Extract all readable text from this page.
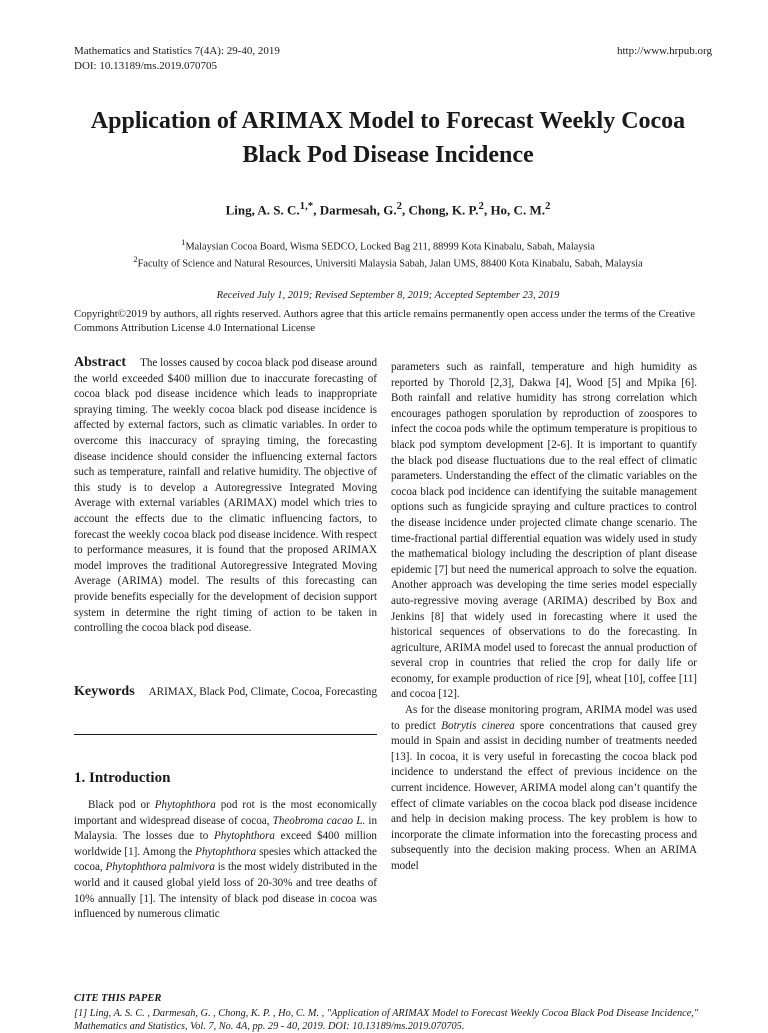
Mathematics and Statistics 7(4A): 29-40, 2019
DOI: 10.13189/ms.2019.070705
http://www.hrpub.org
Application of ARIMAX Model to Forecast Weekly Cocoa
Black Pod Disease Incidence
Ling, A. S. C.$^{1,*}$, Darmesah, G.$^2$, Chong, K. P.$^2$, Ho, C. M.$^2$
$^1$Malaysian Cocoa Board, Wisma SEDCO, Locked Bag 211, 88999 Kota Kinabalu, Sabah, Malaysia
$^2$Faculty of Science and Natural Resources, Universiti Malaysia Sabah, Jalan UMS, 88400 Kota Kinabalu, Sabah, Malaysia
Received July 1, 2019; Revised September 8, 2019; Accepted September 23, 2019
Copyright©2019 by authors, all rights reserved. Authors agree that this article remains permanently open access under the terms of the Creative Commons Attribution License 4.0 International License

Abstract The losses caused by cocoa black pod disease around the world exceeded $400 million due to inaccurate forecasting of cocoa black pod disease incidence which leads to inappropriate spraying timing. The weekly cocoa black pod disease incidence is affected by external factors, such as climatic variables. In order to overcome this inaccuracy of spraying timing, the forecasting disease incidence should consider the influencing external factors such as temperature, rainfall and relative humidity. The objective of this study is to develop a Autoregressive Integrated Moving Average with external variables (ARIMAX) model which tries to account the effects due to the climatic influencing factors, to forecast the weekly cocoa black pod disease incidence. With respect to performance measures, it is found that the proposed ARIMAX model improves the traditional Autoregressive Integrated Moving Average (ARIMA) model. The results of this forecasting can provide benefits especially for the development of decision support system in determine the right timing of action to be taken in controlling the cocoa black pod disease.

Keywords ARIMAX, Black Pod, Climate, Cocoa, Forecasting

1. Introduction

Black pod or Phytophthora pod rot is the most economically important and widespread disease of cocoa, Theobroma cacao L. in Malaysia. The losses due to Phytophthora exceed $400 million worldwide [1]. Among the Phytophthora spesies which attacked the cocoa, Phytophthora palmivora is the most widely distributed in the world and it caused global yield loss of 20-30% and tree deaths of 10% annually [1]. The intensity of black pod disease in cocoa was influenced by numerous climatic

parameters such as rainfall, temperature and high humidity as reported by Thorold [2,3], Dakwa [4], Wood [5] and Mpika [6]. Both rainfall and relative humidity has strong correlation which encourages pathogen sporulation by reproduction of zoospores to infect the cocoa pods while the optimum temperature is propitious to black pod symptom development [2-6]. It is important to quantify the black pod disease fluctuations due to the real effect of climatic parameters. Understanding the effect of the climatic variables on the cocoa black pod incidence can identifying the suitable management options such as fungicide spraying and culture practices to control the disease incidence under projected climate change scenario. The time-fractional partial differential equation was widely used in study the mathematical biology including the description of plant disease epidemic [7] but need the numerical approach to solve the equation. Another approach was developing the time series model especially auto-regressive moving average (ARIMA) described by Box and Jenkins [8] that widely used in forecasting where it used the historical sequences of observations to do the forecasting. In agriculture, ARIMA model used to forecast the annual production of several crop in countries that relied the crop for daily life or economy, for example production of rice [9], wheat [10], coffee [11] and cocoa [12].

As for the disease monitoring program, ARIMA model was used to predict Botrytis cinerea spore concentrations that caused grey mould in Spain and assist in deciding number of treatments needed [13]. In cocoa, it is very useful in forecasting the cocoa black pod incidence to understand the effect of previous incidence on the current incidence. However, ARIMA model along can’t quantify the effect of climate variables on the cocoa black pod disease incidence and help in decision making process. The key problem is how to incorporate the climate information into the forecasting process and subsequently into the decision making process. When an ARIMA model

CITE THIS PAPER
[1] Ling, A. S. C. , Darmesah, G. , Chong, K. P. , Ho, C. M. , "Application of ARIMAX Model to Forecast Weekly Cocoa Black Pod Disease Incidence," Mathematics and Statistics, Vol. 7, No. 4A, pp. 29 - 40, 2019. DOI: 10.13189/ms.2019.070705.
